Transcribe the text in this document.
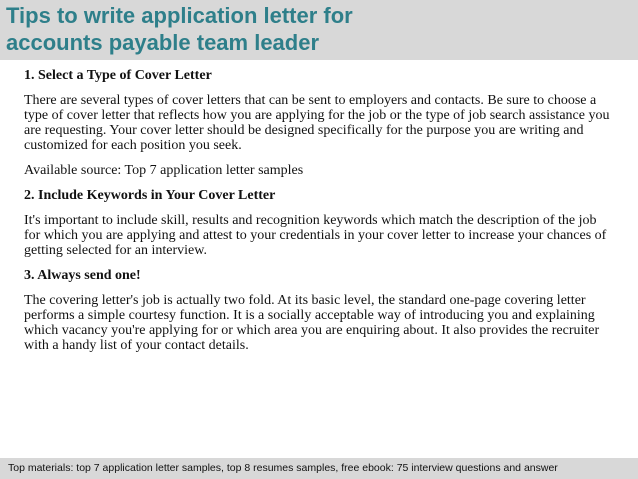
Tips to write application letter for
accounts payable team leader
1. Select a Type of Cover Letter
There are several types of cover letters that can be sent to employers and contacts. Be sure to choose a type of cover letter that reflects how you are applying for the job or the type of job search assistance you are requesting. Your cover letter should be designed specifically for the purpose you are writing and customized for each position you seek.
Available source: Top 7 application letter samples
2. Include Keywords in Your Cover Letter
It's important to include skill, results and recognition keywords which match the description of the job for which you are applying and attest to your credentials in your cover letter to increase your chances of getting selected for an interview.
3. Always send one!
The covering letter's job is actually two fold. At its basic level, the standard one-page covering letter performs a simple courtesy function. It is a socially acceptable way of introducing you and explaining which vacancy you're applying for or which area you are enquiring about. It also provides the recruiter with a handy list of your contact details.
Top materials: top 7 application letter samples, top 8 resumes samples, free ebook: 75 interview questions and answer
